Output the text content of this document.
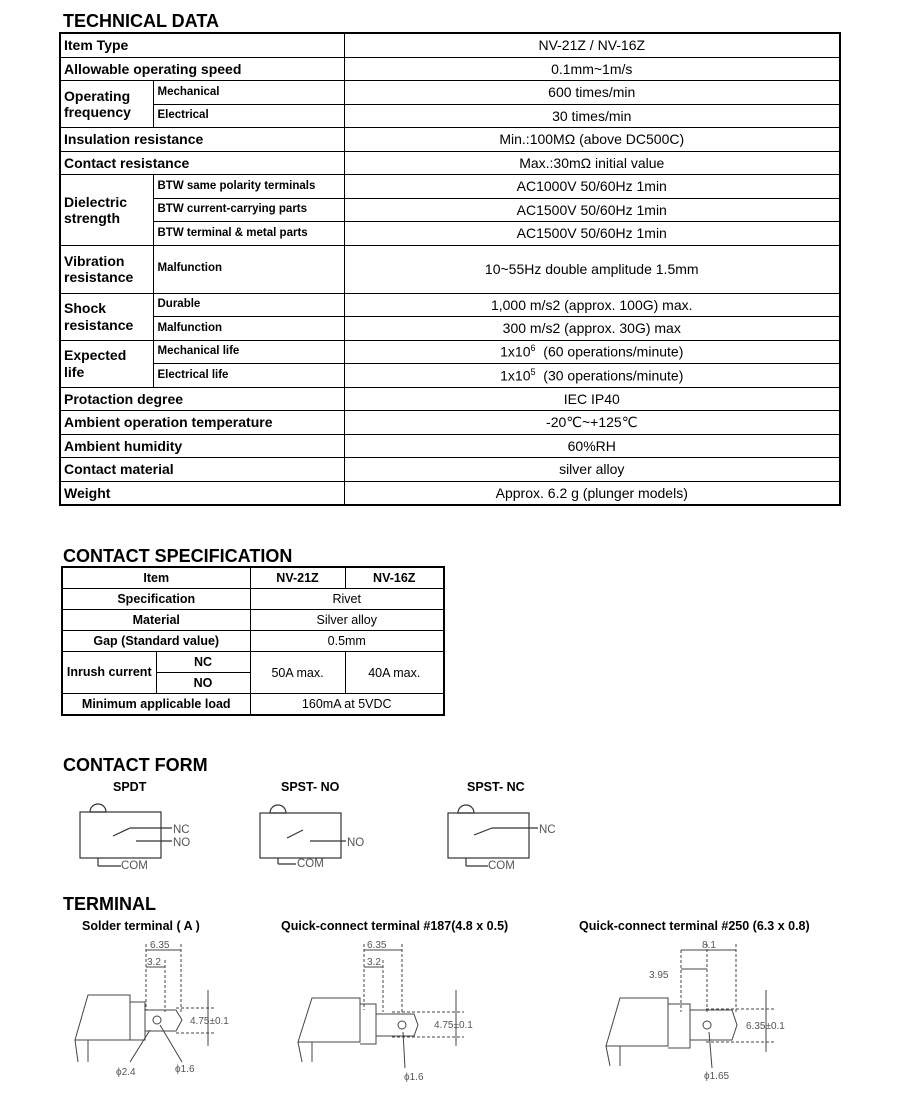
TECHNICAL DATA
Item Type		NV-21Z / NV-16Z
Allowable operating speed		0.1mm~1m/s
Operating frequency	Mechanical	600 times/min
	Electrical	30 times/min
Insulation resistance		Min.:100MΩ (above DC500C)
Contact resistance		Max.:30mΩ initial value
Dielectric strength	BTW same polarity terminals	AC1000V 50/60Hz 1min
	BTW current-carrying parts	AC1500V 50/60Hz 1min
	BTW terminal & metal parts	AC1500V 50/60Hz 1min
Vibration resistance	Malfunction	10~55Hz double amplitude 1.5mm
Shock resistance	Durable	1,000 m/s2 (approx. 100G) max.
	Malfunction	300 m/s2 (approx. 30G) max
Expected life	Mechanical life	$1x10^6$ (60 operations/minute)
	Electrical life	$1x10^5$ (30 operations/minute)
Protaction degree		IEC IP40
Ambient operation temperature		-20℃~+125℃
Ambient humidity		60%RH
Contact material		silver alloy
Weight		Approx. 6.2 g (plunger models)
CONTACT SPECIFICATION
Item		NV-21Z	NV-16Z
Specification		Rivet	
Material		Silver alloy	
Gap (Standard value)		0.5mm	
Inrush current	NC	50A max.	40A max.
	NO		
Minimum applicable load		160mA at 5VDC	
CONTACT FORM
SPDT	SPST- NO	SPST- NC
NC
NO
COM
NO
COM
NC
COM
6.35
3.2
4.75±0.1
ϕ2.4	ϕ1.6
6.35
3.2
4.75±0.1
ϕ1.6
8.1
3.95
6.35±0.1
ϕ1.65
TERMINAL
Solder terminal ( A )	Quick-connect terminal #187(4.8 x 0.5)	Quick-connect terminal #250 (6.3 x 0.8)
